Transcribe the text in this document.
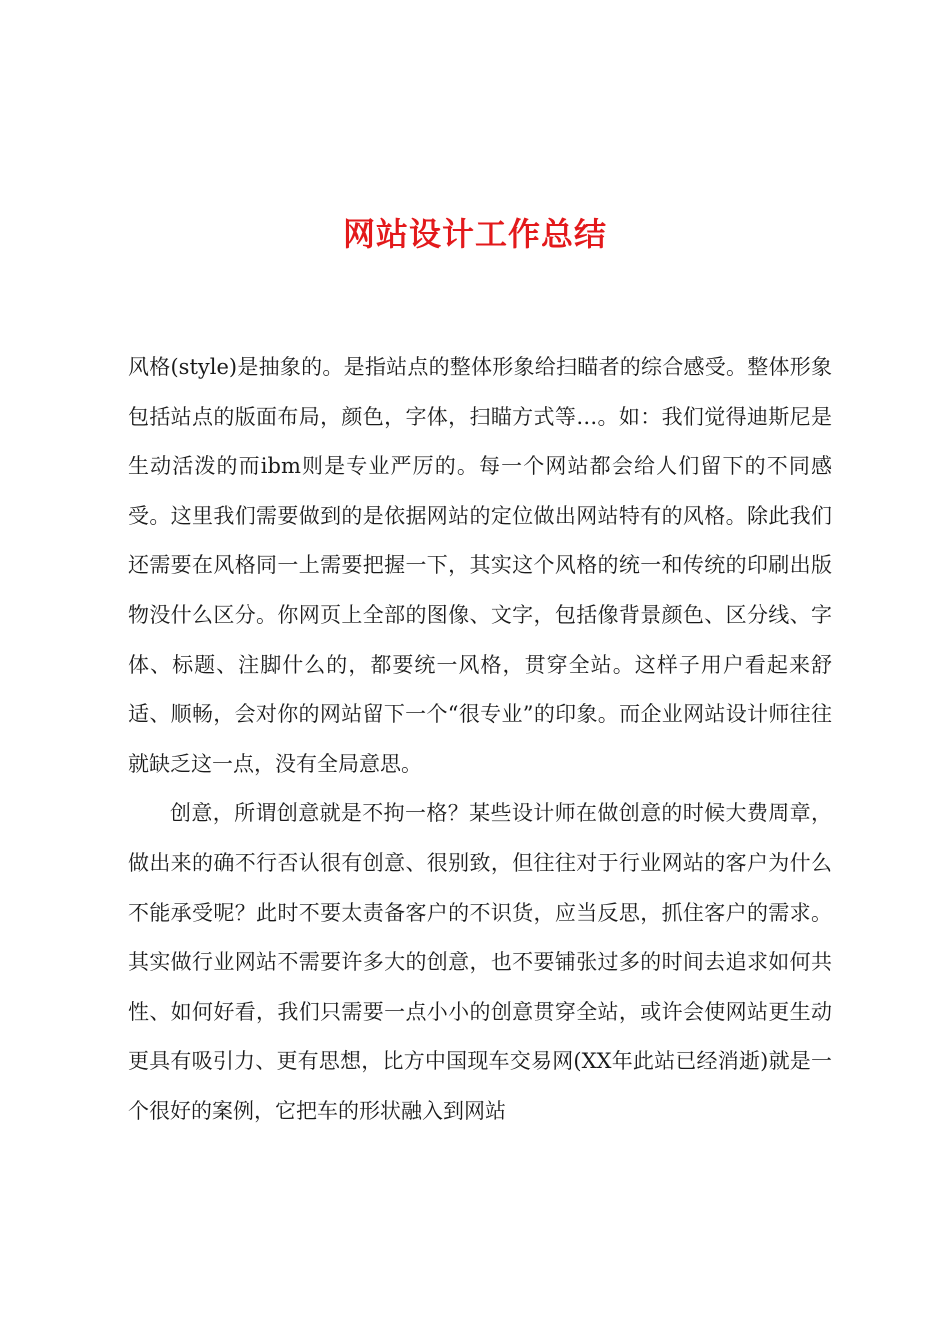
网站设计工作总结

风格(style)是抽象的。是指站点的整体形象给扫瞄者的综合感受。整体形象包括站点的版面布局，颜色，字体，扫瞄方式等…。如：我们觉得迪斯尼是生动活泼的而ibm则是专业严厉的。每一个网站都会给人们留下的不同感受。这里我们需要做到的是依据网站的定位做出网站特有的风格。除此我们还需要在风格同一上需要把握一下，其实这个风格的统一和传统的印刷出版物没什么区分。你网页上全部的图像、文字，包括像背景颜色、区分线、字体、标题、注脚什么的，都要统一风格，贯穿全站。这样子用户看起来舒适、顺畅，会对你的网站留下一个“很专业”的印象。而企业网站设计师往往就缺乏这一点，没有全局意思。

创意，所谓创意就是不拘一格？某些设计师在做创意的时候大费周章，做出来的确不行否认很有创意、很别致，但往往对于行业网站的客户为什么不能承受呢？此时不要太责备客户的不识货，应当反思，抓住客户的需求。其实做行业网站不需要许多大的创意，也不要铺张过多的时间去追求如何共性、如何好看，我们只需要一点小小的创意贯穿全站，或许会使网站更生动更具有吸引力、更有思想，比方中国现车交易网(XX年此站已经消逝)就是一个很好的案例，它把车的形状融入到网站
